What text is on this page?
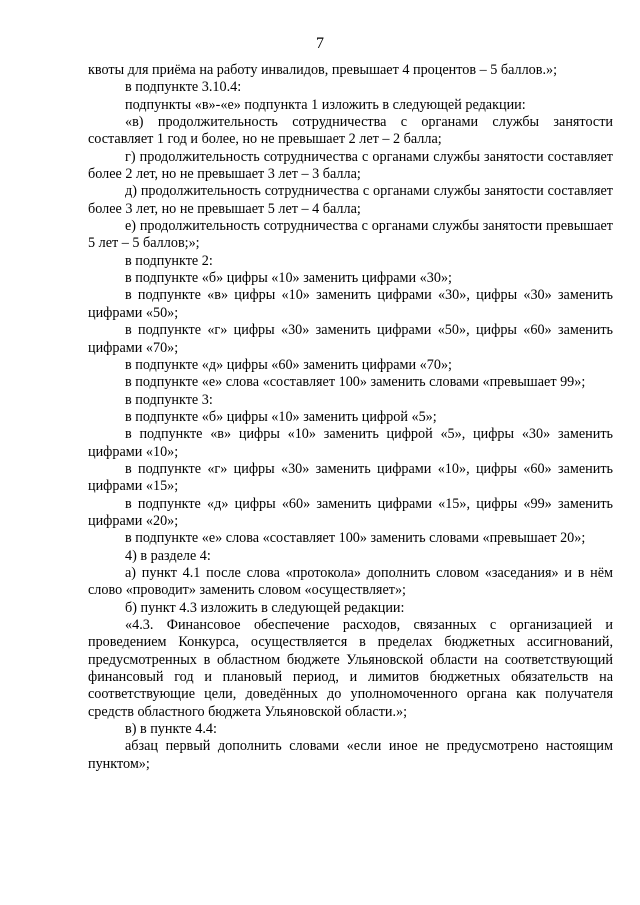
7

квоты для приёма на работу инвалидов, превышает 4 процентов – 5 баллов.»;

в подпункте 3.10.4:

подпункты «в»-«е» подпункта 1 изложить в следующей редакции:

«в) продолжительность сотрудничества с органами службы занятости составляет 1 год и более, но не превышает 2 лет – 2 балла;

г) продолжительность сотрудничества с органами службы занятости составляет более 2 лет, но не превышает 3 лет – 3 балла;

д) продолжительность сотрудничества с органами службы занятости составляет более 3 лет, но не превышает 5 лет – 4 балла;

е) продолжительность сотрудничества с органами службы занятости превышает 5 лет – 5 баллов;»;

в подпункте 2:

в подпункте «б» цифры «10» заменить цифрами «30»;

в подпункте «в» цифры «10» заменить цифрами «30», цифры «30» заменить цифрами «50»;

в подпункте «г» цифры «30» заменить цифрами «50», цифры «60» заменить цифрами «70»;

в подпункте «д» цифры «60» заменить цифрами «70»;

в подпункте «е» слова «составляет 100» заменить словами «превышает 99»;

в подпункте 3:

в подпункте «б» цифры «10» заменить цифрой «5»;

в подпункте «в» цифры «10» заменить цифрой «5», цифры «30» заменить цифрами «10»;

в подпункте «г» цифры «30» заменить цифрами «10», цифры «60» заменить цифрами «15»;

в подпункте «д» цифры «60» заменить цифрами «15», цифры «99» заменить цифрами «20»;

в подпункте «е» слова «составляет 100» заменить словами «превышает 20»;

4) в разделе 4:

а) пункт 4.1 после слова «протокола» дополнить словом «заседания» и в нём слово «проводит» заменить словом «осуществляет»;

б) пункт 4.3 изложить в следующей редакции:

«4.3. Финансовое обеспечение расходов, связанных с организацией и проведением Конкурса, осуществляется в пределах бюджетных ассигнований, предусмотренных в областном бюджете Ульяновской области на соответствующий финансовый год и плановый период, и лимитов бюджетных обязательств на соответствующие цели, доведённых до уполномоченного органа как получателя средств областного бюджета Ульяновской области.»;

в) в пункте 4.4:

абзац первый дополнить словами «если иное не предусмотрено настоящим пунктом»;
